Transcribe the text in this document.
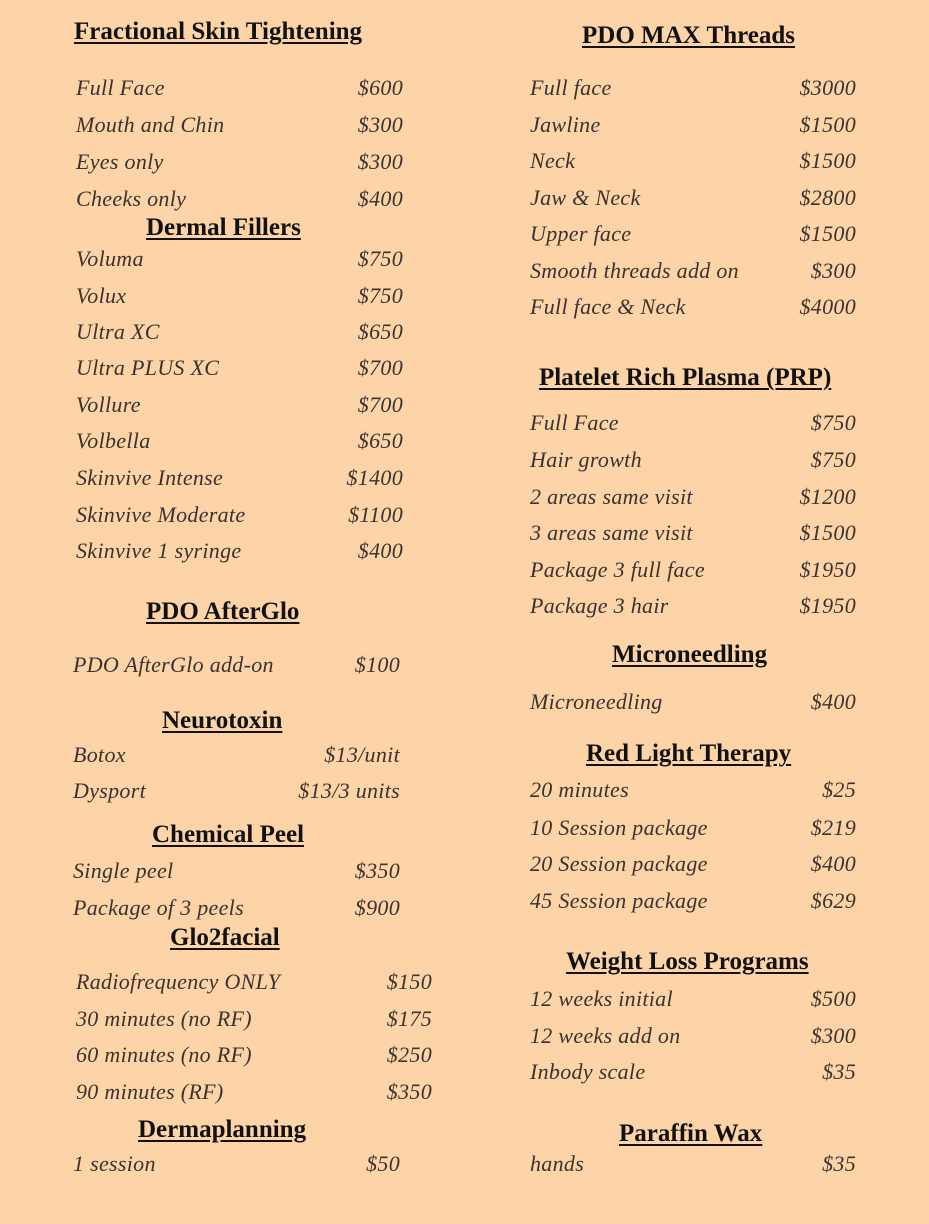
Fractional Skin Tightening
Full Face	$600
Mouth and Chin	$300
Eyes only	$300
Cheeks only	$400
Dermal Fillers
Voluma	$750
Volux	$750
Ultra XC	$650
Ultra PLUS XC	$700
Vollure	$700
Volbella	$650
Skinvive Intense	$1400
Skinvive Moderate	$1100
Skinvive 1 syringe	$400
PDO AfterGlo
PDO AfterGlo add-on	$100
Neurotoxin
Botox	$13/unit
Dysport	$13/3 units
Chemical Peel
Single peel	$350
Package of 3 peels	$900
Glo2facial
Radiofrequency ONLY	$150
30 minutes (no RF)	$175
60 minutes (no RF)	$250
90 minutes (RF)	$350
Dermaplanning
1 session	$50
PDO MAX Threads
Full face	$3000
Jawline	$1500
Neck	$1500
Jaw & Neck	$2800
Upper face	$1500
Smooth threads add on	$300
Full face & Neck	$4000
Platelet Rich Plasma (PRP)
Full Face	$750
Hair growth	$750
2 areas same visit	$1200
3 areas same visit	$1500
Package 3 full face	$1950
Package 3 hair	$1950
Microneedling
Microneedling	$400
Red Light Therapy
20 minutes	$25
10 Session package	$219
20 Session package	$400
45 Session package	$629
Weight Loss Programs
12 weeks initial	$500
12 weeks add on	$300
Inbody scale	$35
Paraffin Wax
hands	$35
